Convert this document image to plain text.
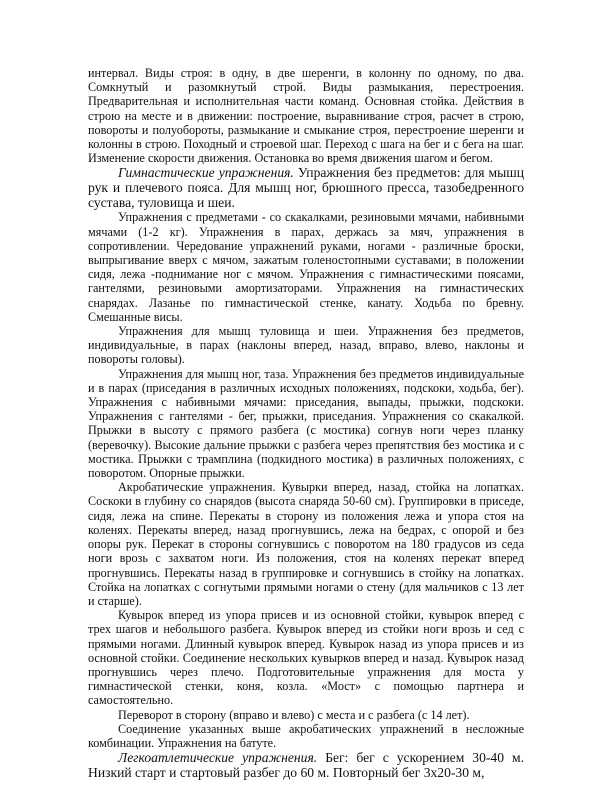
интервал. Виды строя: в одну, в две шеренги, в колонну по одному, по два. Сомкнутый и разомкнутый строй. Виды размыкания, перестроения. Предварительная и исполнительная части команд. Основная стойка. Действия в строю на месте и в движении: построение, выравнивание строя, расчет в строю, повороты и полуобороты, размыкание и смыкание строя, перестроение шеренги и колонны в строю. Походный и строевой шаг. Переход с шага на бег и с бега на шаг. Изменение скорости движения. Остановка во время движения шагом и бегом.

Гимнастические упражнения. Упражнения без предметов: для мышц рук и плечевого пояса. Для мышц ног, брюшного пресса, тазобедренного сустава, туловища и шеи.

Упражнения с предметами - со скакалками, резиновыми мячами, набивными мячами (1-2 кг). Упражнения в парах, держась за мяч, упражнения в сопротивлении. Чередование упражнений руками, ногами - различные броски, выпрыгивание вверх с мячом, зажатым голеностопными суставами; в положении сидя, лежа -поднимание ног с мячом. Упражнения с гимнастическими поясами, гантелями, резиновыми амортизаторами. Упражнения на гимнастических снарядах. Лазанье по гимнастической стенке, канату. Ходьба по бревну. Смешанные висы.

Упражнения для мышц туловища и шеи. Упражнения без предметов, индивидуальные, в парах (наклоны вперед, назад, вправо, влево, наклоны и повороты головы).

Упражнения для мышц ног, таза. Упражнения без предметов индивидуальные и в парах (приседания в различных исходных положениях, подскоки, ходьба, бег). Упражнения с набивными мячами: приседания, выпады, прыжки, подскоки. Упражнения с гантелями - бег, прыжки, приседания. Упражнения со скакалкой. Прыжки в высоту с прямого разбега (с мостика) согнув ноги через планку (веревочку). Высокие дальние прыжки с разбега через препятствия без мостика и с мостика. Прыжки с трамплина (подкидного мостика) в различных положениях, с поворотом. Опорные прыжки.

Акробатические упражнения. Кувырки вперед, назад, стойка на лопатках. Соскоки в глубину со снарядов (высота снаряда 50-60 см). Группировки в приседе, сидя, лежа на спине. Перекаты в сторону из положения лежа и упора стоя на коленях. Перекаты вперед, назад прогнувшись, лежа на бедрах, с опорой и без опоры рук. Перекат в стороны согнувшись с поворотом на 180 градусов из седа ноги врозь с захватом ноги. Из положения, стоя на коленях перекат вперед прогнувшись. Перекаты назад в группировке и согнувшись в стойку на лопатках. Стойка на лопатках с согнутыми прямыми ногами о стену (для мальчиков с 13 лет и старше).

Кувырок вперед из упора присев и из основной стойки, кувырок вперед с трех шагов и небольшого разбега. Кувырок вперед из стойки ноги врозь и сед с прямыми ногами. Длинный кувырок вперед. Кувырок назад из упора присев и из основной стойки. Соединение нескольких кувырков вперед и назад. Кувырок назад прогнувшись через плечо. Подготовительные упражнения для моста у гимнастической стенки, коня, козла. «Мост» с помощью партнера и самостоятельно.

Переворот в сторону (вправо и влево) с места и с разбега (с 14 лет).

Соединение указанных выше акробатических упражнений в несложные комбинации. Упражнения на батуте.

Легкоатлетические упражнения. Бег: бег с ускорением 30-40 м. Низкий старт и стартовый разбег до 60 м. Повторный бег 3x20-30 м,
